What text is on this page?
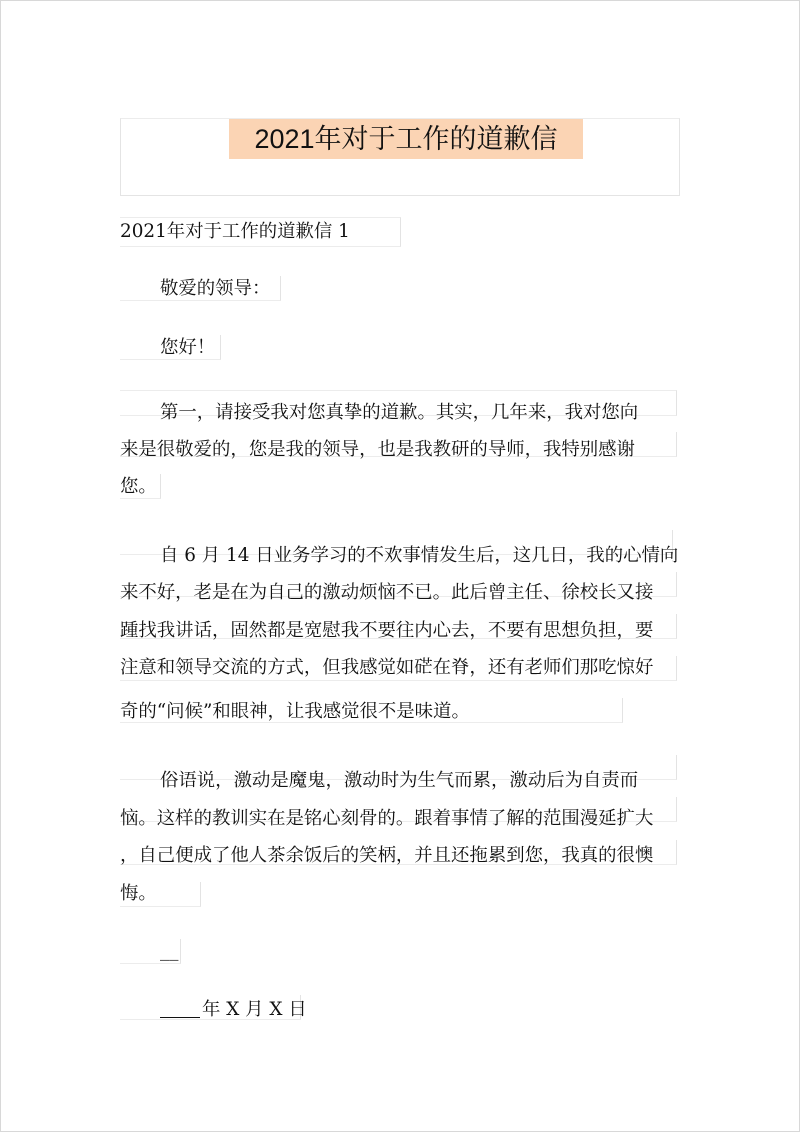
2021年对于工作的道歉信
2021年对于工作的道歉信 1
敬爱的领导：
您好！
第一，请接受我对您真挚的道歉。其实，几年来，我对您向
来是很敬爱的，您是我的领导，也是我教研的导师，我特别感谢
您。
自 6 月 14 日业务学习的不欢事情发生后，这几日，我的心情向
来不好，老是在为自己的激动烦恼不已。此后曾主任、徐校长又接
踵找我讲话，固然都是宽慰我不要往内心去，不要有思想负担，要
注意和领导交流的方式，但我感觉如硭在脊，还有老师们那吃惊好
奇的“问候”和眼神，让我感觉很不是味道。
俗语说，激动是魔鬼，激动时为生气而累，激动后为自责而
恼。这样的教训实在是铭心刻骨的。跟着事情了解的范围漫延扩大
，自己便成了他人茶余饭后的笑柄，并且还拖累到您，我真的很懊
悔。
__
年 X 月 X 日
